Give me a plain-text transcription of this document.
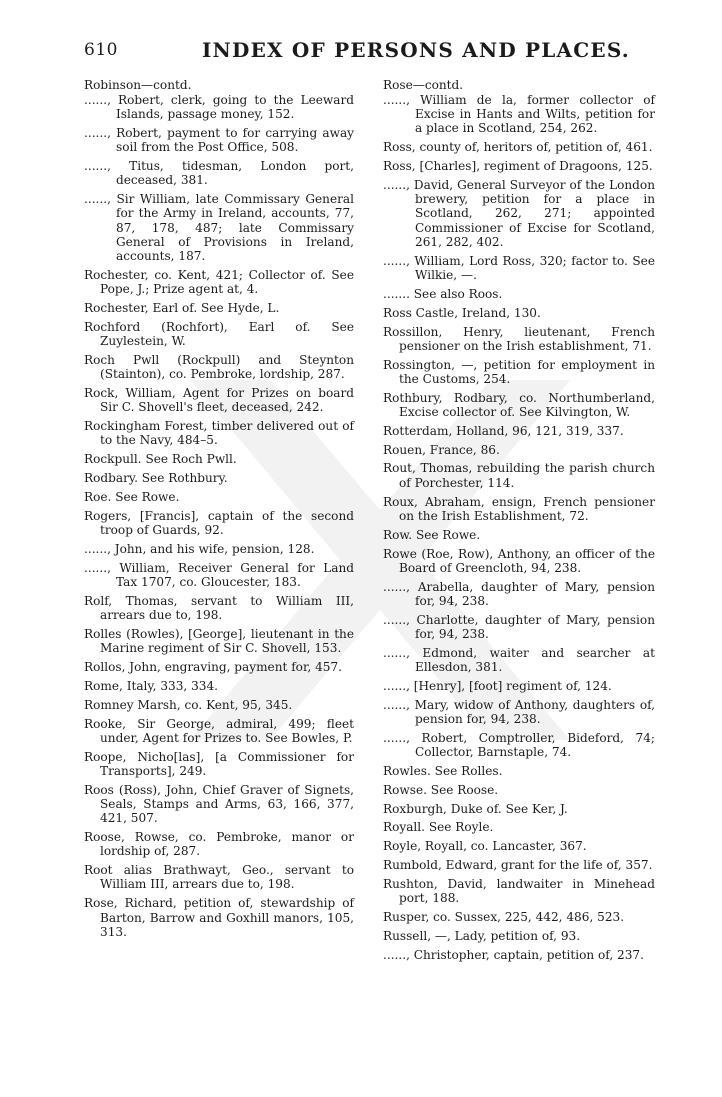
610	INDEX OF PERSONS AND PLACES.

Robinson—contd.

......, Robert, clerk, going to the Leeward Islands, passage money, 152.

......, Robert, payment to for carrying away soil from the Post Office, 508.

......, Titus, tidesman, London port, deceased, 381.

......, Sir William, late Commissary General for the Army in Ireland, accounts, 77, 87, 178, 487; late Commissary General of Provisions in Ireland, accounts, 187.

Rochester, co. Kent, 421; Collector of. See Pope, J.; Prize agent at, 4.

Rochester, Earl of. See Hyde, L.

Rochford (Rochfort), Earl of. See Zuylestein, W.

Roch Pwll (Rockpull) and Steynton (Stainton), co. Pembroke, lordship, 287.

Rock, William, Agent for Prizes on board Sir C. Shovell's fleet, deceased, 242.

Rockingham Forest, timber delivered out of to the Navy, 484–5.

Rockpull. See Roch Pwll.

Rodbary. See Rothbury.

Roe. See Rowe.

Rogers, [Francis], captain of the second troop of Guards, 92.

......, John, and his wife, pension, 128.

......, William, Receiver General for Land Tax 1707, co. Gloucester, 183.

Rolf, Thomas, servant to William III, arrears due to, 198.

Rolles (Rowles), [George], lieutenant in the Marine regiment of Sir C. Shovell, 153.

Rollos, John, engraving, payment for, 457.

Rome, Italy, 333, 334.

Romney Marsh, co. Kent, 95, 345.

Rooke, Sir George, admiral, 499; fleet under, Agent for Prizes to. See Bowles, P.

Roope, Nicho[las], [a Commissioner for Transports], 249.

Roos (Ross), John, Chief Graver of Signets, Seals, Stamps and Arms, 63, 166, 377, 421, 507.

Roose, Rowse, co. Pembroke, manor or lordship of, 287.

Root alias Brathwayt, Geo., servant to William III, arrears due to, 198.

Rose, Richard, petition of, stewardship of Barton, Barrow and Goxhill manors, 105, 313.

Rose—contd.

......, William de la, former collector of Excise in Hants and Wilts, petition for a place in Scotland, 254, 262.

Ross, county of, heritors of, petition of, 461.

Ross, [Charles], regiment of Dragoons, 125.

......, David, General Surveyor of the London brewery, petition for a place in Scotland, 262, 271; appointed Commissioner of Excise for Scotland, 261, 282, 402.

......, William, Lord Ross, 320; factor to. See Wilkie, —.

....... See also Roos.

Ross Castle, Ireland, 130.

Rossillon, Henry, lieutenant, French pensioner on the Irish establishment, 71.

Rossington, —, petition for employment in the Customs, 254.

Rothbury, Rodbary, co. Northumberland, Excise collector of. See Kilvington, W.

Rotterdam, Holland, 96, 121, 319, 337.

Rouen, France, 86.

Rout, Thomas, rebuilding the parish church of Porchester, 114.

Roux, Abraham, ensign, French pensioner on the Irish Establishment, 72.

Row. See Rowe.

Rowe (Roe, Row), Anthony, an officer of the Board of Greencloth, 94, 238.

......, Arabella, daughter of Mary, pension for, 94, 238.

......, Charlotte, daughter of Mary, pension for, 94, 238.

......, Edmond, waiter and searcher at Ellesdon, 381.

......, [Henry], [foot] regiment of, 124.

......, Mary, widow of Anthony, daughters of, pension for, 94, 238.

......, Robert, Comptroller, Bideford, 74; Collector, Barnstaple, 74.

Rowles. See Rolles.

Rowse. See Roose.

Roxburgh, Duke of. See Ker, J.

Royall. See Royle.

Royle, Royall, co. Lancaster, 367.

Rumbold, Edward, grant for the life of, 357.

Rushton, David, landwaiter in Minehead port, 188.

Rusper, co. Sussex, 225, 442, 486, 523.

Russell, —, Lady, petition of, 93.

......, Christopher, captain, petition of, 237.
